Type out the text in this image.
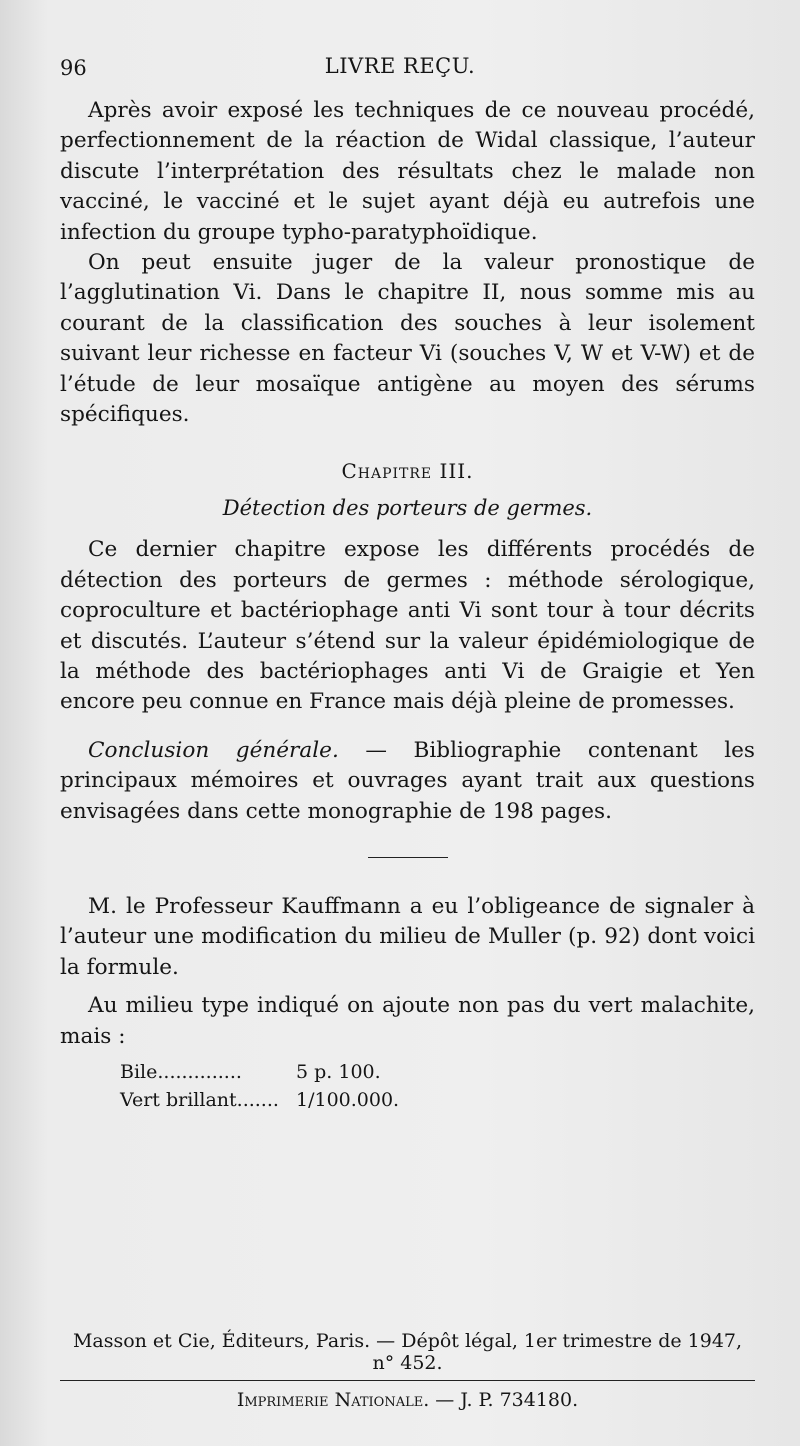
96	LIVRE REÇU.

Après avoir exposé les techniques de ce nouveau procédé, perfectionnement de la réaction de Widal classique, l’auteur discute l’interprétation des résultats chez le malade non vacciné, le vacciné et le sujet ayant déjà eu autrefois une infection du groupe typho-paratyphoïdique.

On peut ensuite juger de la valeur pronostique de l’agglutination Vi. Dans le chapitre II, nous somme mis au courant de la classification des souches à leur isolement suivant leur richesse en facteur Vi (souches V, W et V-W) et de l’étude de leur mosaïque antigène au moyen des sérums spécifiques.

Chapitre III.
Détection des porteurs de germes.

Ce dernier chapitre expose les différents procédés de détection des porteurs de germes : méthode sérologique, coproculture et bactériophage anti Vi sont tour à tour décrits et discutés. L’auteur s’étend sur la valeur épidémiologique de la méthode des bactériophages anti Vi de Graigie et Yen encore peu connue en France mais déjà pleine de promesses.

Conclusion générale. — Bibliographie contenant les principaux mémoires et ouvrages ayant trait aux questions envisagées dans cette monographie de 198 pages.

M. le Professeur Kauffmann a eu l’obligeance de signaler à l’auteur une modification du milieu de Muller (p. 92) dont voici la formule.

Au milieu type indiqué on ajoute non pas du vert malachite, mais :

Bile..............	5 p. 100.
Vert brillant....... 1/100.000.
Masson et Cie, Éditeurs, Paris. — Dépôt légal, 1er trimestre de 1947, n° 452.
Imprimerie Nationale. — J. P. 734180.
